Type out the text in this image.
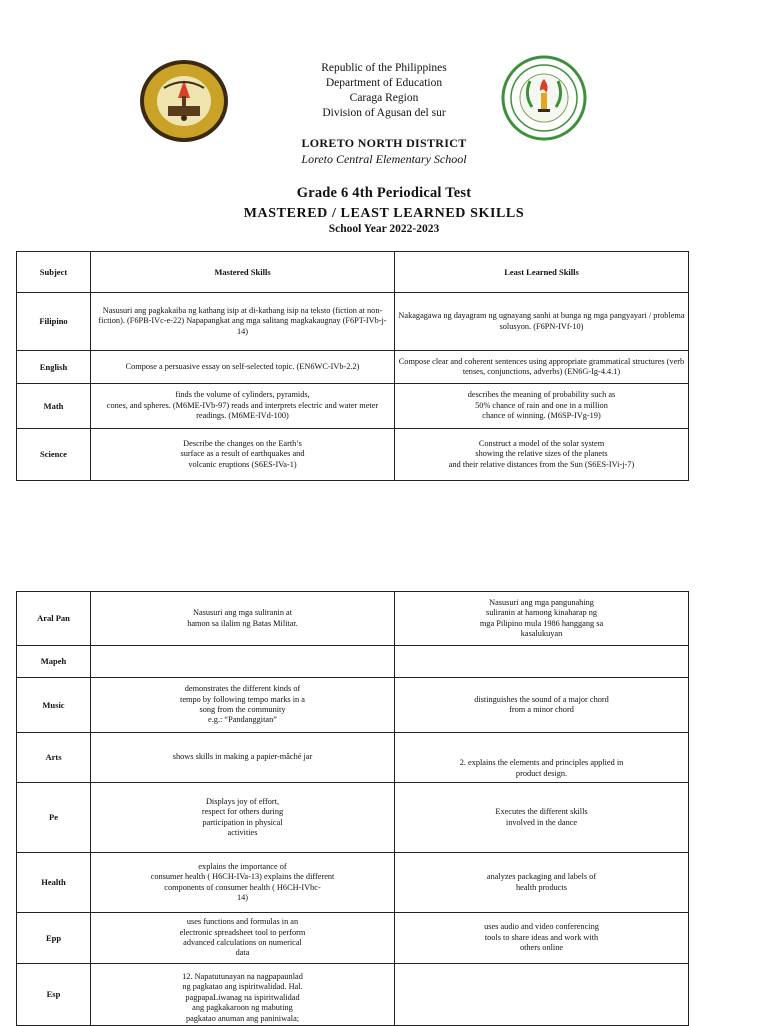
Republic of the Philippines
Department of Education
Caraga Region
Division of Agusan del sur
LORETO NORTH DISTRICT
Loreto Central Elementary School
Grade 6 4th Periodical Test
MASTERED / LEAST LEARNED SKILLS
School Year 2022-2023
Subject	Mastered Skills	Least Learned Skills
Filipino	Nasusuri ang pagkakaiba ng kathang isip at di-kathang isip na teksto (fiction at non-fiction). (F6PB-IVc-e-22) Napapangkat ang mga salitang magkakaugnay (F6PT-IVb-j-14)	Nakagagawa ng dayagram ng ugnayang sanhi at bunga ng mga pangyayari / problema solusyon. (F6PN-IVf-10)
English	Compose a persuasive essay on self-selected topic. (EN6WC-IVb-2.2)	Compose clear and coherent sentences using appropriate grammatical structures (verb tenses, conjunctions, adverbs) (EN6G-Ig-4.4.1)
Math	finds the volume of cylinders, pyramids,
cones, and spheres. (M6ME-IVb-97) reads and interprets electric and water meter
readings. (M6ME-IVd-100)	describes the meaning of probability such as
50% chance of rain and one in a million
chance of winning. (M6SP-IVg-19)
Science	Describe the changes on the Earth’s
surface as a result of earthquakes and
volcanic eruptions (S6ES-IVa-1)	Construct a model of the solar system
showing the relative sizes of the planets
and their relative distances from the Sun (S6ES-IVi-j-7)
Aral Pan	Nasusuri ang mga suliranin at
hamon sa ilalim ng Batas Militar.	Nasusuri ang mga pangunahing
suliranin at hamong kinaharap ng
mga Pilipino mula 1986 hanggang sa
kasalukuyan
Mapeh		
Music	demonstrates the different kinds of
tempo by following tempo marks in a
song from the community
e.g.: “Pandanggitan”	distinguishes the sound of a major chord
from a minor chord
Arts	shows skills in making a papier-mâché jar	2. explains the elements and principles applied in
product design.
Pe	Displays joy of effort,
respect for others during
participation in physical
activities	Executes the different skills
involved in the dance
Health	explains the importance of
consumer health ( H6CH-IVa-13) explains the different
components of consumer health ( H6CH-IVbc-
14)	analyzes packaging and labels of
health products
Epp	uses functions and formulas in an
electronic spreadsheet tool to perform
advanced calculations on numerical
data	uses audio and video conferencing
tools to share ideas and work with
others online
Esp	12. Napatutunayan na nagpapaunlad
ng pagkatao ang ispiritwalidad. Hal.
pagpapaLiwanag na ispiritwalidad
ang pagkakaroon ng mabuting
pagkatao anuman ang paniniwala;	
